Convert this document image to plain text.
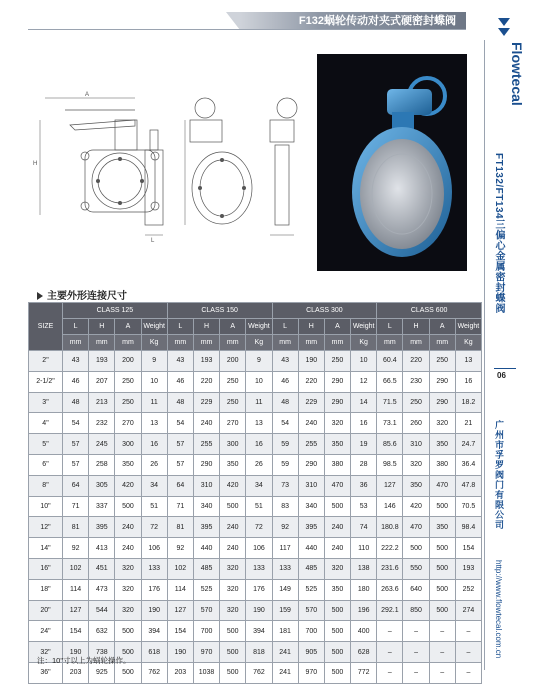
F132蜗轮传动对夹式硬密封蝶阀
A
H
L
主要外形连接尺寸
SIZE	CLASS 125				CLASS 150				CLASS 300				CLASS 600			
	L	H	A	Weight	L	H	A	Weight	L	H	A	Weight	L	H	A	Weight
	mm	mm	mm	Kg	mm	mm	mm	Kg	mm	mm	mm	Kg	mm	mm	mm	Kg
2"	43	193	200	9	43	193	200	9	43	190	250	10	60.4	220	250	13
2-1/2"	46	207	250	10	46	220	250	10	46	220	290	12	66.5	230	290	16
3"	48	213	250	11	48	229	250	11	48	229	290	14	71.5	250	290	18.2
4"	54	232	270	13	54	240	270	13	54	240	320	16	73.1	260	320	21
5"	57	245	300	16	57	255	300	16	59	255	350	19	85.6	310	350	24.7
6"	57	258	350	26	57	290	350	26	59	290	380	28	98.5	320	380	36.4
8"	64	305	420	34	64	310	420	34	73	310	470	36	127	350	470	47.8
10"	71	337	500	51	71	340	500	51	83	340	500	53	146	420	500	70.5
12"	81	395	240	72	81	395	240	72	92	395	240	74	180.8	470	350	98.4
14"	92	413	240	106	92	440	240	106	117	440	240	110	222.2	500	500	154
16"	102	451	320	133	102	485	320	133	133	485	320	138	231.6	550	500	193
18"	114	473	320	176	114	525	320	176	149	525	350	180	263.6	640	500	252
20"	127	544	320	190	127	570	320	190	159	570	500	196	292.1	850	500	274
24"	154	632	500	394	154	700	500	394	181	700	500	400	–	–	–	–
32"	190	738	500	618	190	970	500	818	241	905	500	628	–	–	–	–
36"	203	925	500	762	203	1038	500	762	241	970	500	772	–	–	–	–
注：10"寸以上为蜗轮操作。
Flowtecal
FT132/FT134三偏心金属密封蝶阀
06
广州市孚罗阀门有限公司
http://www.flowtecal.com.cn
